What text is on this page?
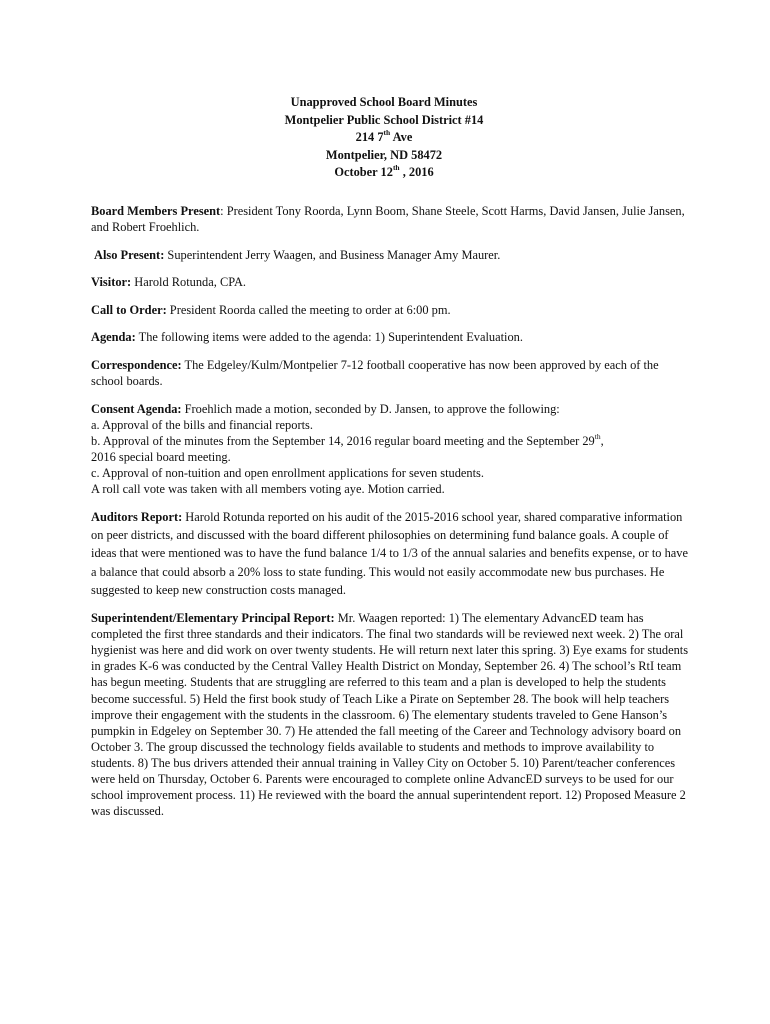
Unapproved School Board Minutes
Montpelier Public School District #14
214 7th Ave
Montpelier, ND 58472
October 12th , 2016

Board Members Present: President Tony Roorda, Lynn Boom, Shane Steele, Scott Harms, David Jansen, Julie Jansen, and Robert Froehlich.

Also Present: Superintendent Jerry Waagen, and Business Manager Amy Maurer.

Visitor: Harold Rotunda, CPA.

Call to Order: President Roorda called the meeting to order at 6:00 pm.

Agenda: The following items were added to the agenda: 1) Superintendent Evaluation.

Correspondence: The Edgeley/Kulm/Montpelier 7-12 football cooperative has now been approved by each of the school boards.

Consent Agenda: Froehlich made a motion, seconded by D. Jansen, to approve the following:
a. Approval of the bills and financial reports.
b. Approval of the minutes from the September 14, 2016 regular board meeting and the September 29th,
2016 special board meeting.
c. Approval of non-tuition and open enrollment applications for seven students.
A roll call vote was taken with all members voting aye. Motion carried.

Auditors Report: Harold Rotunda reported on his audit of the 2015-2016 school year, shared comparative information on peer districts, and discussed with the board different philosophies on determining fund balance goals. A couple of ideas that were mentioned was to have the fund balance 1/4 to 1/3 of the annual salaries and benefits expense, or to have a balance that could absorb a 20% loss to state funding. This would not easily accommodate new bus purchases. He suggested to keep new construction costs managed.

Superintendent/Elementary Principal Report: Mr. Waagen reported: 1) The elementary AdvancED team has completed the first three standards and their indicators. The final two standards will be reviewed next week. 2) The oral hygienist was here and did work on over twenty students. He will return next later this spring. 3) Eye exams for students in grades K-6 was conducted by the Central Valley Health District on Monday, September 26. 4) The school’s RtI team has begun meeting. Students that are struggling are referred to this team and a plan is developed to help the students become successful. 5) Held the first book study of Teach Like a Pirate on September 28. The book will help teachers improve their engagement with the students in the classroom. 6) The elementary students traveled to Gene Hanson’s pumpkin in Edgeley on September 30. 7) He attended the fall meeting of the Career and Technology advisory board on October 3. The group discussed the technology fields available to students and methods to improve availability to students. 8) The bus drivers attended their annual training in Valley City on October 5. 10) Parent/teacher conferences were held on Thursday, October 6. Parents were encouraged to complete online AdvancED surveys to be used for our school improvement process. 11) He reviewed with the board the annual superintendent report. 12) Proposed Measure 2 was discussed.
